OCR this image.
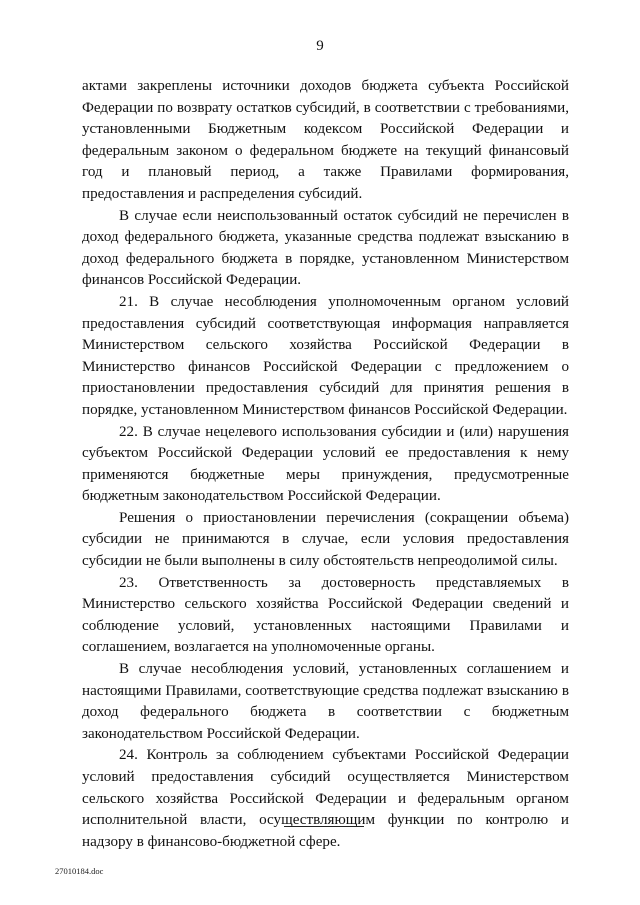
9

актами закреплены источники доходов бюджета субъекта Российской Федерации по возврату остатков субсидий, в соответствии с требованиями, установленными Бюджетным кодексом Российской Федерации и федеральным законом о федеральном бюджете на текущий финансовый год и плановый период, а также Правилами формирования, предоставления и распределения субсидий.

В случае если неиспользованный остаток субсидий не перечислен в доход федерального бюджета, указанные средства подлежат взысканию в доход федерального бюджета в порядке, установленном Министерством финансов Российской Федерации.

21. В случае несоблюдения уполномоченным органом условий предоставления субсидий соответствующая информация направляется Министерством сельского хозяйства Российской Федерации в Министерство финансов Российской Федерации с предложением о приостановлении предоставления субсидий для принятия решения в порядке, установленном Министерством финансов Российской Федерации.

22. В случае нецелевого использования субсидии и (или) нарушения субъектом Российской Федерации условий ее предоставления к нему применяются бюджетные меры принуждения, предусмотренные бюджетным законодательством Российской Федерации.

Решения о приостановлении перечисления (сокращении объема) субсидии не принимаются в случае, если условия предоставления субсидии не были выполнены в силу обстоятельств непреодолимой силы.

23. Ответственность за достоверность представляемых в Министерство сельского хозяйства Российской Федерации сведений и соблюдение условий, установленных настоящими Правилами и соглашением, возлагается на уполномоченные органы.

В случае несоблюдения условий, установленных соглашением и настоящими Правилами, соответствующие средства подлежат взысканию в доход федерального бюджета в соответствии с бюджетным законодательством Российской Федерации.

24. Контроль за соблюдением субъектами Российской Федерации условий предоставления субсидий осуществляется Министерством сельского хозяйства Российской Федерации и федеральным органом исполнительной власти, осуществляющим функции по контролю и надзору в финансово-бюджетной сфере.

27010184.doc
